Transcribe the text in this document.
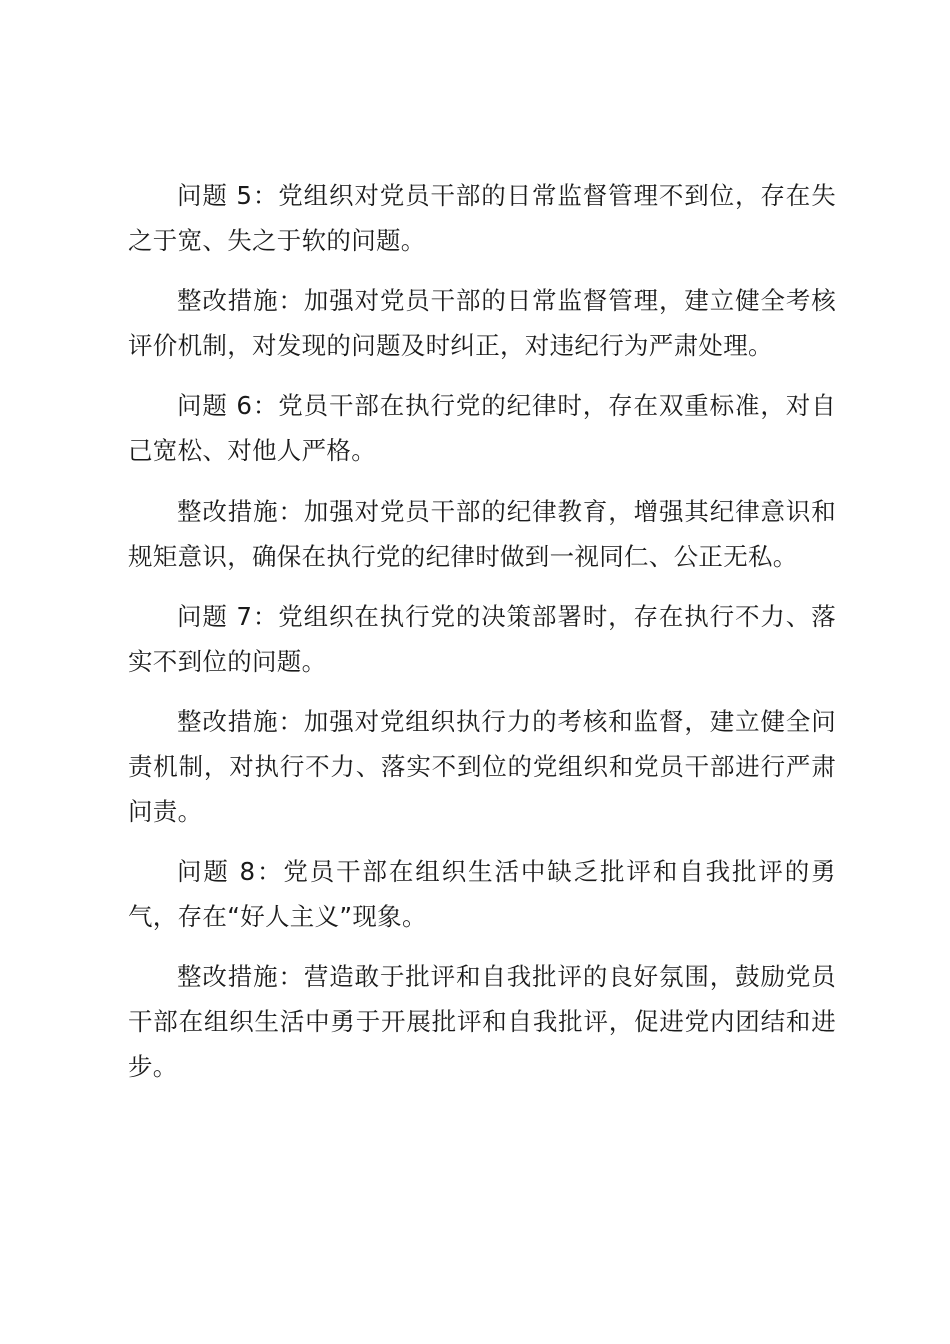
问题 5：党组织对党员干部的日常监督管理不到位，存在失之于宽、失之于软的问题。

整改措施：加强对党员干部的日常监督管理，建立健全考核评价机制，对发现的问题及时纠正，对违纪行为严肃处理。

问题 6：党员干部在执行党的纪律时，存在双重标准，对自己宽松、对他人严格。

整改措施：加强对党员干部的纪律教育，增强其纪律意识和规矩意识，确保在执行党的纪律时做到一视同仁、公正无私。

问题 7：党组织在执行党的决策部署时，存在执行不力、落实不到位的问题。

整改措施：加强对党组织执行力的考核和监督，建立健全问责机制，对执行不力、落实不到位的党组织和党员干部进行严肃问责。

问题 8：党员干部在组织生活中缺乏批评和自我批评的勇气，存在“好人主义”现象。

整改措施：营造敢于批评和自我批评的良好氛围，鼓励党员干部在组织生活中勇于开展批评和自我批评，促进党内团结和进步。
